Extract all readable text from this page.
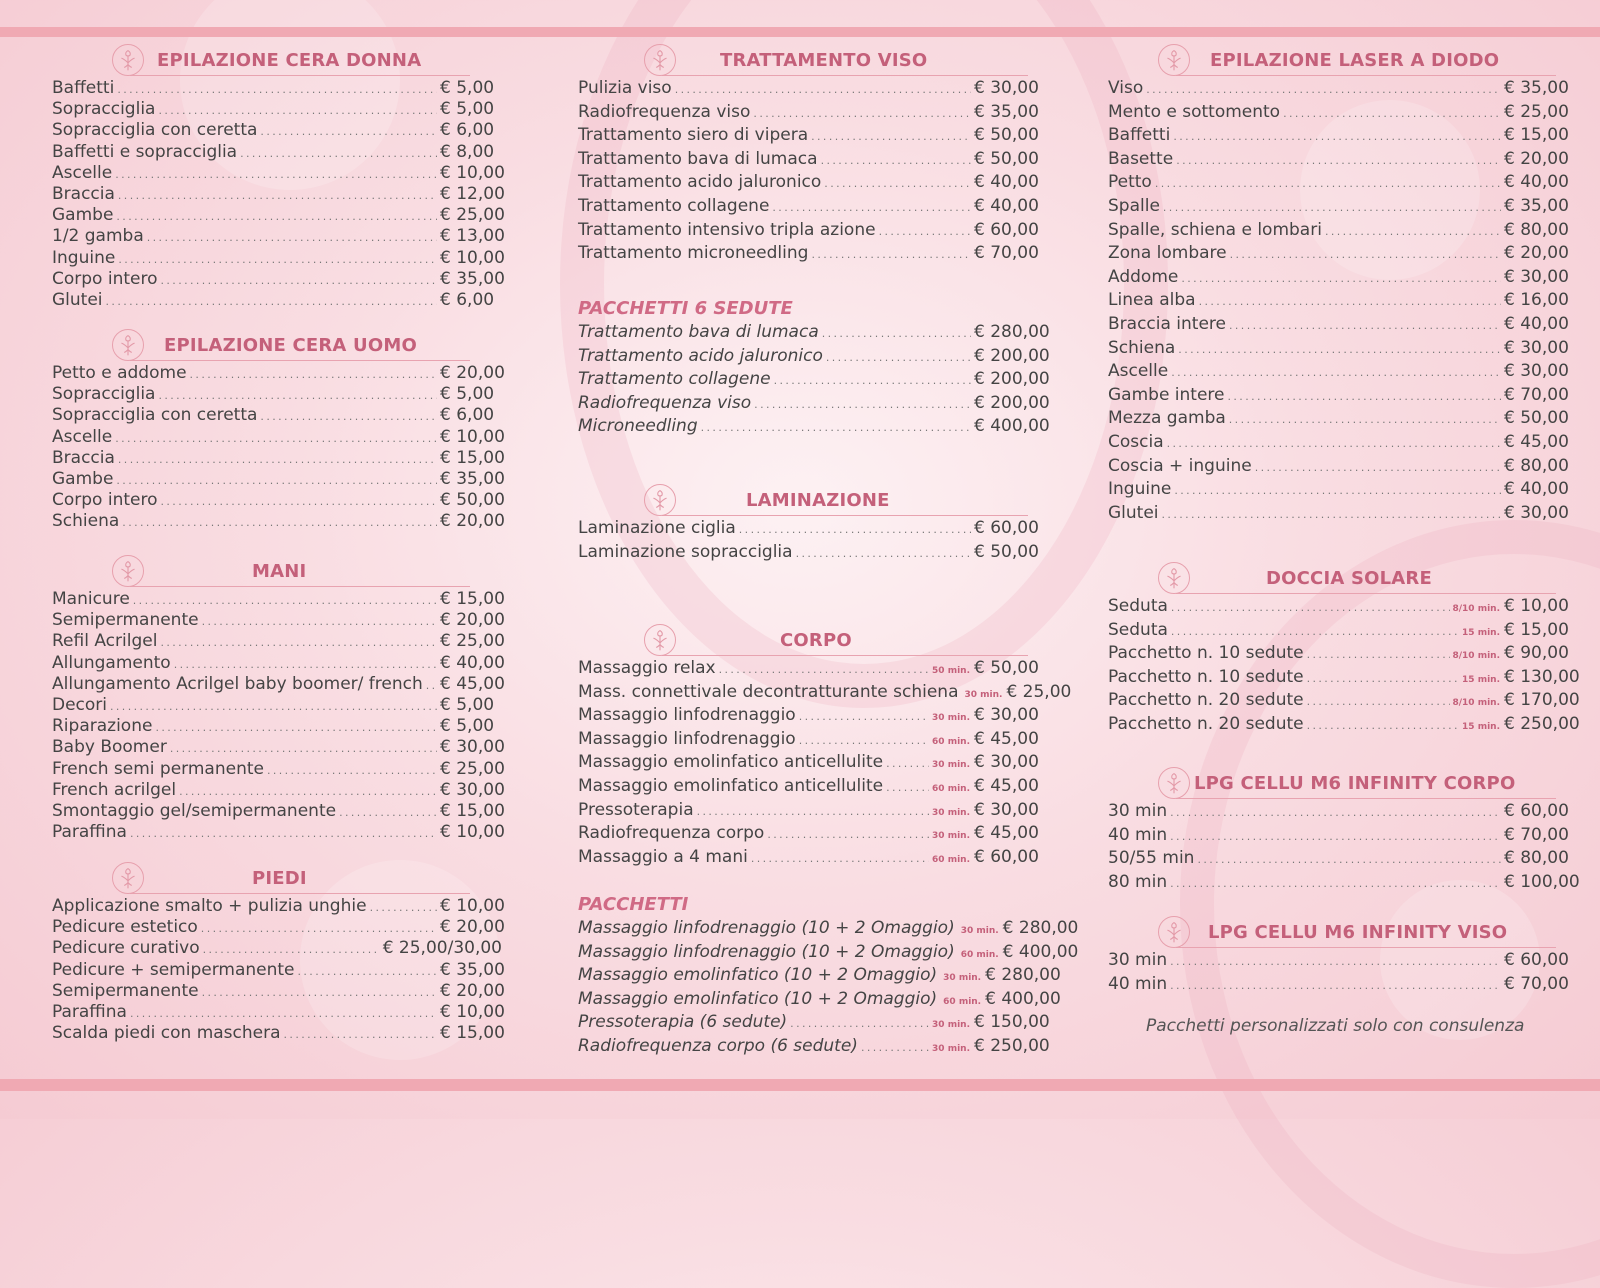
EPILAZIONE CERA DONNA
Baffetti
.....	€ 5,00
Sopracciglia
.....	€ 5,00
Sopracciglia con ceretta
.....	€ 6,00
Baffetti e sopracciglia
.....	€ 8,00
Ascelle
.....	€ 10,00
Braccia
.....	€ 12,00
Gambe
.....	€ 25,00
1/2 gamba
.....	€ 13,00
Inguine
.....	€ 10,00
Corpo intero
.....	€ 35,00
Glutei
.....	€ 6,00
EPILAZIONE CERA UOMO
Petto e addome
.....	€ 20,00
Sopracciglia
.....	€ 5,00
Sopracciglia con ceretta
.....	€ 6,00
Ascelle
.....	€ 10,00
Braccia
.....	€ 15,00
Gambe
.....	€ 35,00
Corpo intero
.....	€ 50,00
Schiena
.....	€ 20,00
MANI
Manicure
.....	€ 15,00
Semipermanente
.....	€ 20,00
Refil Acrilgel
.....	€ 25,00
Allungamento
.....	€ 40,00
Allungamento Acrilgel baby boomer/ french
..... € 45,00
Decori
.....	€ 5,00
Riparazione
.....	€ 5,00
Baby Boomer
.....	€ 30,00
French semi permanente
.....	€ 25,00
French acrilgel
.....	€ 30,00
Smontaggio gel/semipermanente
.....	€ 15,00
Paraffina
.....	€ 10,00
PIEDI
Applicazione smalto + pulizia unghie
.....	€ 10,00
Pedicure estetico
.....	€ 20,00
Pedicure curativo
.....	€ 25,00/30,00
Pedicure + semipermanente
.....	€ 35,00
Semipermanente
.....	€ 20,00
Paraffina
.....	€ 10,00
Scalda piedi con maschera
.....	€ 15,00
TRATTAMENTO VISO
Pulizia viso
.....	€ 30,00
Radiofrequenza viso
.....	€ 35,00
Trattamento siero di vipera
.....	€ 50,00
Trattamento bava di lumaca
.....	€ 50,00
Trattamento acido jaluronico
.....	€ 40,00
Trattamento collagene
.....	€ 40,00
Trattamento intensivo tripla azione
.....	€ 60,00
Trattamento microneedling
.....	€ 70,00
PACCHETTI 6 SEDUTE
Trattamento bava di lumaca
.....	€ 280,00
Trattamento acido jaluronico
.....	€ 200,00
Trattamento collagene
.....	€ 200,00
Radiofrequenza viso
.....	€ 200,00
Microneedling
.....	€ 400,00
LAMINAZIONE
Laminazione ciglia
.....	€ 60,00
Laminazione sopracciglia
.....	€ 50,00
CORPO
Massaggio relax
.....	50 min. € 50,00
Mass. connettivale decontratturante schiena 30 min. € 25,00
Massaggio linfodrenaggio
.....	30 min. € 30,00
Massaggio linfodrenaggio
.....	60 min. € 45,00
Massaggio emolinfatico anticellulite
.....	30 min. € 30,00
Massaggio emolinfatico anticellulite
.....	60 min. € 45,00
Pressoterapia
.....	30 min. € 30,00
Radiofrequenza corpo
.....	30 min. € 45,00
Massaggio a 4 mani
.....	60 min. € 60,00
PACCHETTI
Massaggio linfodrenaggio (10 + 2 Omaggio) 30 min. € 280,00
Massaggio linfodrenaggio (10 + 2 Omaggio) 60 min. € 400,00
Massaggio emolinfatico (10 + 2 Omaggio) 30 min. € 280,00
Massaggio emolinfatico (10 + 2 Omaggio) 60 min. € 400,00
Pressoterapia (6 sedute)
.....	30 min. € 150,00
Radiofrequenza corpo (6 sedute)
.....	30 min. € 250,00
EPILAZIONE LASER A DIODO
Viso
.....	€ 35,00
Mento e sottomento
.....	€ 25,00
Baffetti
.....	€ 15,00
Basette
.....	€ 20,00
Petto
.....	€ 40,00
Spalle
.....	€ 35,00
Spalle, schiena e lombari
.....	€ 80,00
Zona lombare
.....	€ 20,00
Addome
.....	€ 30,00
Linea alba
.....	€ 16,00
Braccia intere
.....	€ 40,00
Schiena
.....	€ 30,00
Ascelle
.....	€ 30,00
Gambe intere
.....	€ 70,00
Mezza gamba
.....	€ 50,00
Coscia
.....	€ 45,00
Coscia + inguine
.....	€ 80,00
Inguine
.....	€ 40,00
Glutei
.....	€ 30,00
DOCCIA SOLARE
Seduta
.....	8/10 min. € 10,00
Seduta
.....	15 min. € 15,00
Pacchetto n. 10 sedute
.....	8/10 min. € 90,00
Pacchetto n. 10 sedute
.....	15 min. € 130,00
Pacchetto n. 20 sedute
.....	8/10 min. € 170,00
Pacchetto n. 20 sedute
.....	15 min. € 250,00
LPG CELLU M6 INFINITY CORPO
30 min
.....	€ 60,00
40 min
.....	€ 70,00
50/55 min
.....	€ 80,00
80 min
.....	€ 100,00
LPG CELLU M6 INFINITY VISO
30 min
.....	€ 60,00
40 min
.....	€ 70,00
Pacchetti personalizzati solo con consulenza
